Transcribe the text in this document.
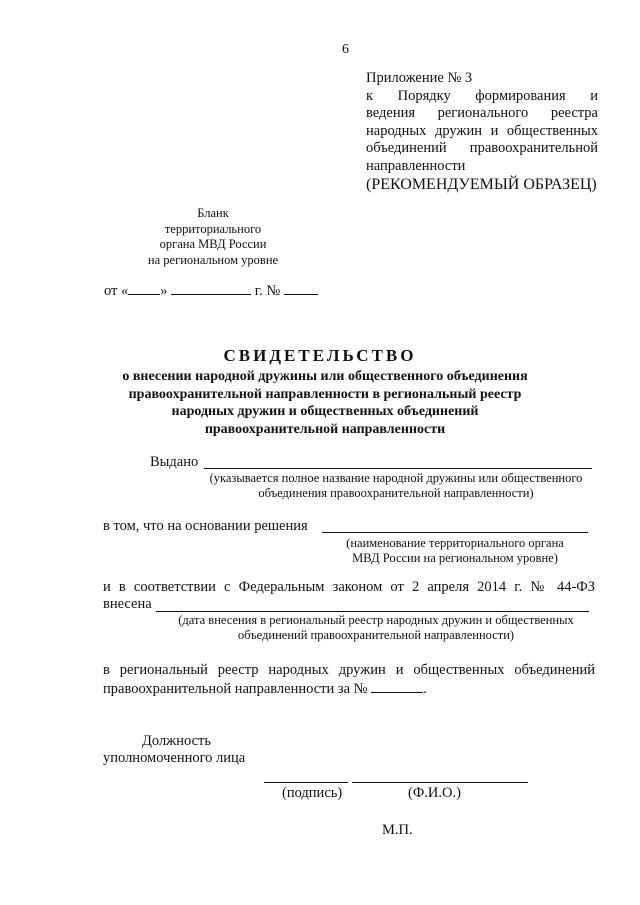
6
Приложение № 3
к Порядку формирования и
ведения регионального реестра
народных дружин и общественных
объединений правоохранительной
направленности
(РЕКОМЕНДУЕМЫЙ ОБРАЗЕЦ)
Бланк
территориального
органа МВД России
на региональном уровне
от « »	г. №
СВИДЕТЕЛЬСТВО
о внесении народной дружины или общественного объединения
правоохранительной направленности в региональный реестр
народных дружин и общественных объединений
правоохранительной направленности
Выдано
(указывается полное название народной дружины или общественного
объединения правоохранительной направленности)
в том, что на основании решения
(наименование территориального органа
МВД России на региональном уровне)
и в соответствии с Федеральным законом от 2 апреля 2014 г. № 44-ФЗ
внесена
(дата внесения в региональный реестр народных дружин и общественных
объединений правоохранительной направленности)
в региональный реестр народных дружин и общественных объединений
правоохранительной направленности за №	.
Должность
уполномоченного лица
(подпись)	(Ф.И.О.)
М.П.
